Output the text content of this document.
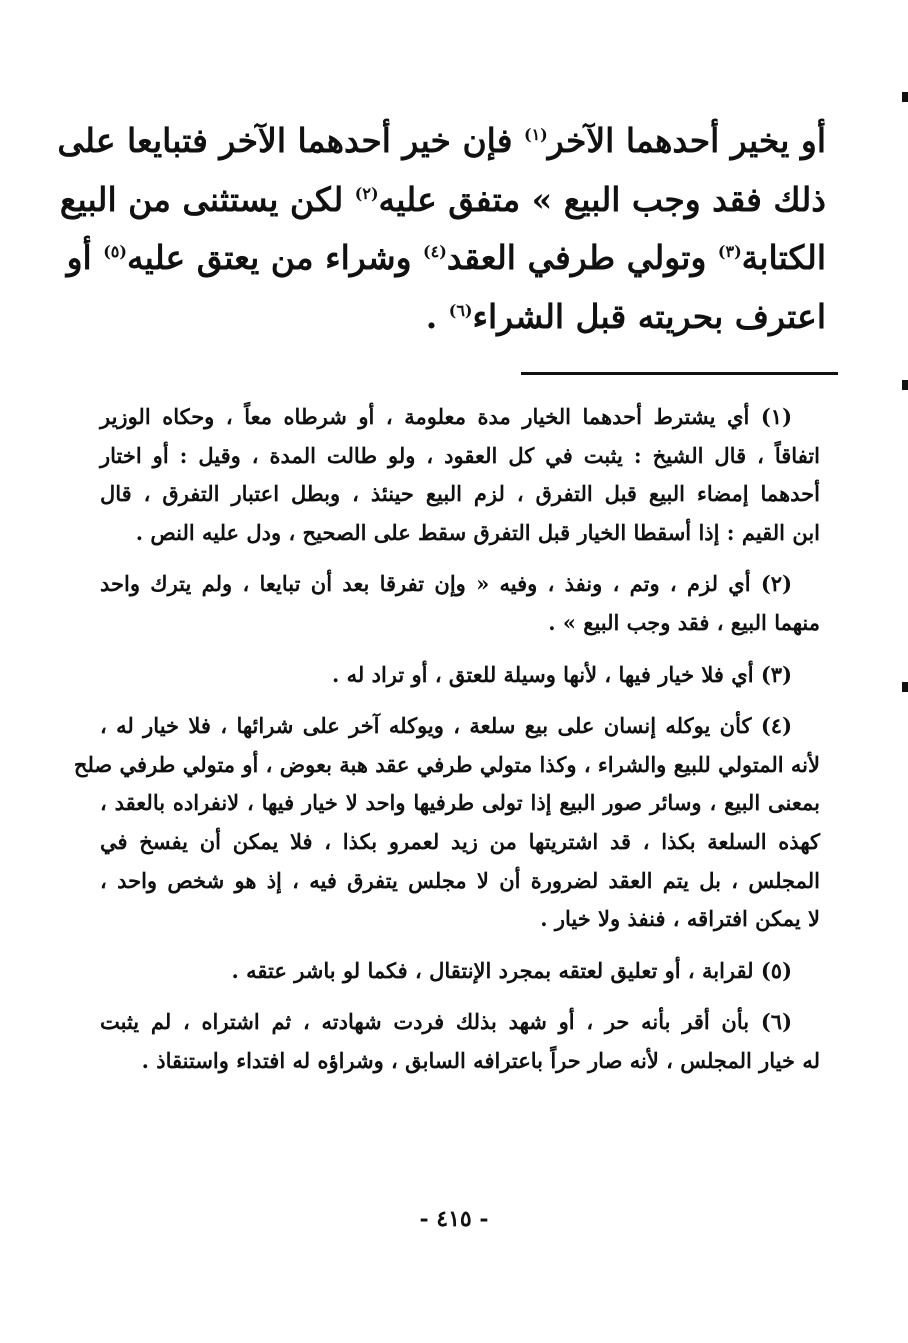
أو يخير أحدهما الآخر$^{(١)}$ فإن خير أحدهما الآخر فتبايعا على
ذلك فقد وجب البيع » متفق عليه$^{(٢)}$ لكن يستثنى من البيع
الكتابة$^{(٣)}$ وتولي طرفي العقد$^{(٤)}$ وشراء من يعتق عليه$^{(٥)}$ أو
اعترف بحريته قبل الشراء$^{(٦)}$ .
(١) أي يشترط أحدهما الخيار مدة معلومة ، أو شرطاه معاً ، وحكاه الوزير
اتفاقاً ، قال الشيخ : يثبت في كل العقود ، ولو طالت المدة ، وقيل : أو اختار
أحدهما إمضاء البيع قبل التفرق ، لزم البيع حينئذ ، وبطل اعتبار التفرق ، قال
ابن القيم : إذا أسقطا الخيار قبل التفرق سقط على الصحيح ، ودل عليه النص .
(٢) أي لزم ، وتم ، ونفذ ، وفيه « وإن تفرقا بعد أن تبايعا ، ولم يترك واحد
منهما البيع ، فقد وجب البيع » .
(٣) أي فلا خيار فيها ، لأنها وسيلة للعتق ، أو تراد له .
(٤) كأن يوكله إنسان على بيع سلعة ، ويوكله آخر على شرائها ، فلا خيار له ،
لأنه المتولي للبيع والشراء ، وكذا متولي طرفي عقد هبة بعوض ، أو متولي طرفي صلح
بمعنى البيع ، وسائر صور البيع إذا تولى طرفيها واحد لا خيار فيها ، لانفراده بالعقد ،
كهذه السلعة بكذا ، قد اشتريتها من زيد لعمرو بكذا ، فلا يمكن أن يفسخ في
المجلس ، بل يتم العقد لضرورة أن لا مجلس يتفرق فيه ، إذ هو شخص واحد ،
لا يمكن افتراقه ، فنفذ ولا خيار .
(٥) لقرابة ، أو تعليق لعتقه بمجرد الإنتقال ، فكما لو باشر عتقه .
(٦) بأن أقر بأنه حر ، أو شهد بذلك فردت شهادته ، ثم اشتراه ، لم يثبت
له خيار المجلس ، لأنه صار حراً باعترافه السابق ، وشراؤه له افتداء واستنقاذ .
- ٤١٥ -
